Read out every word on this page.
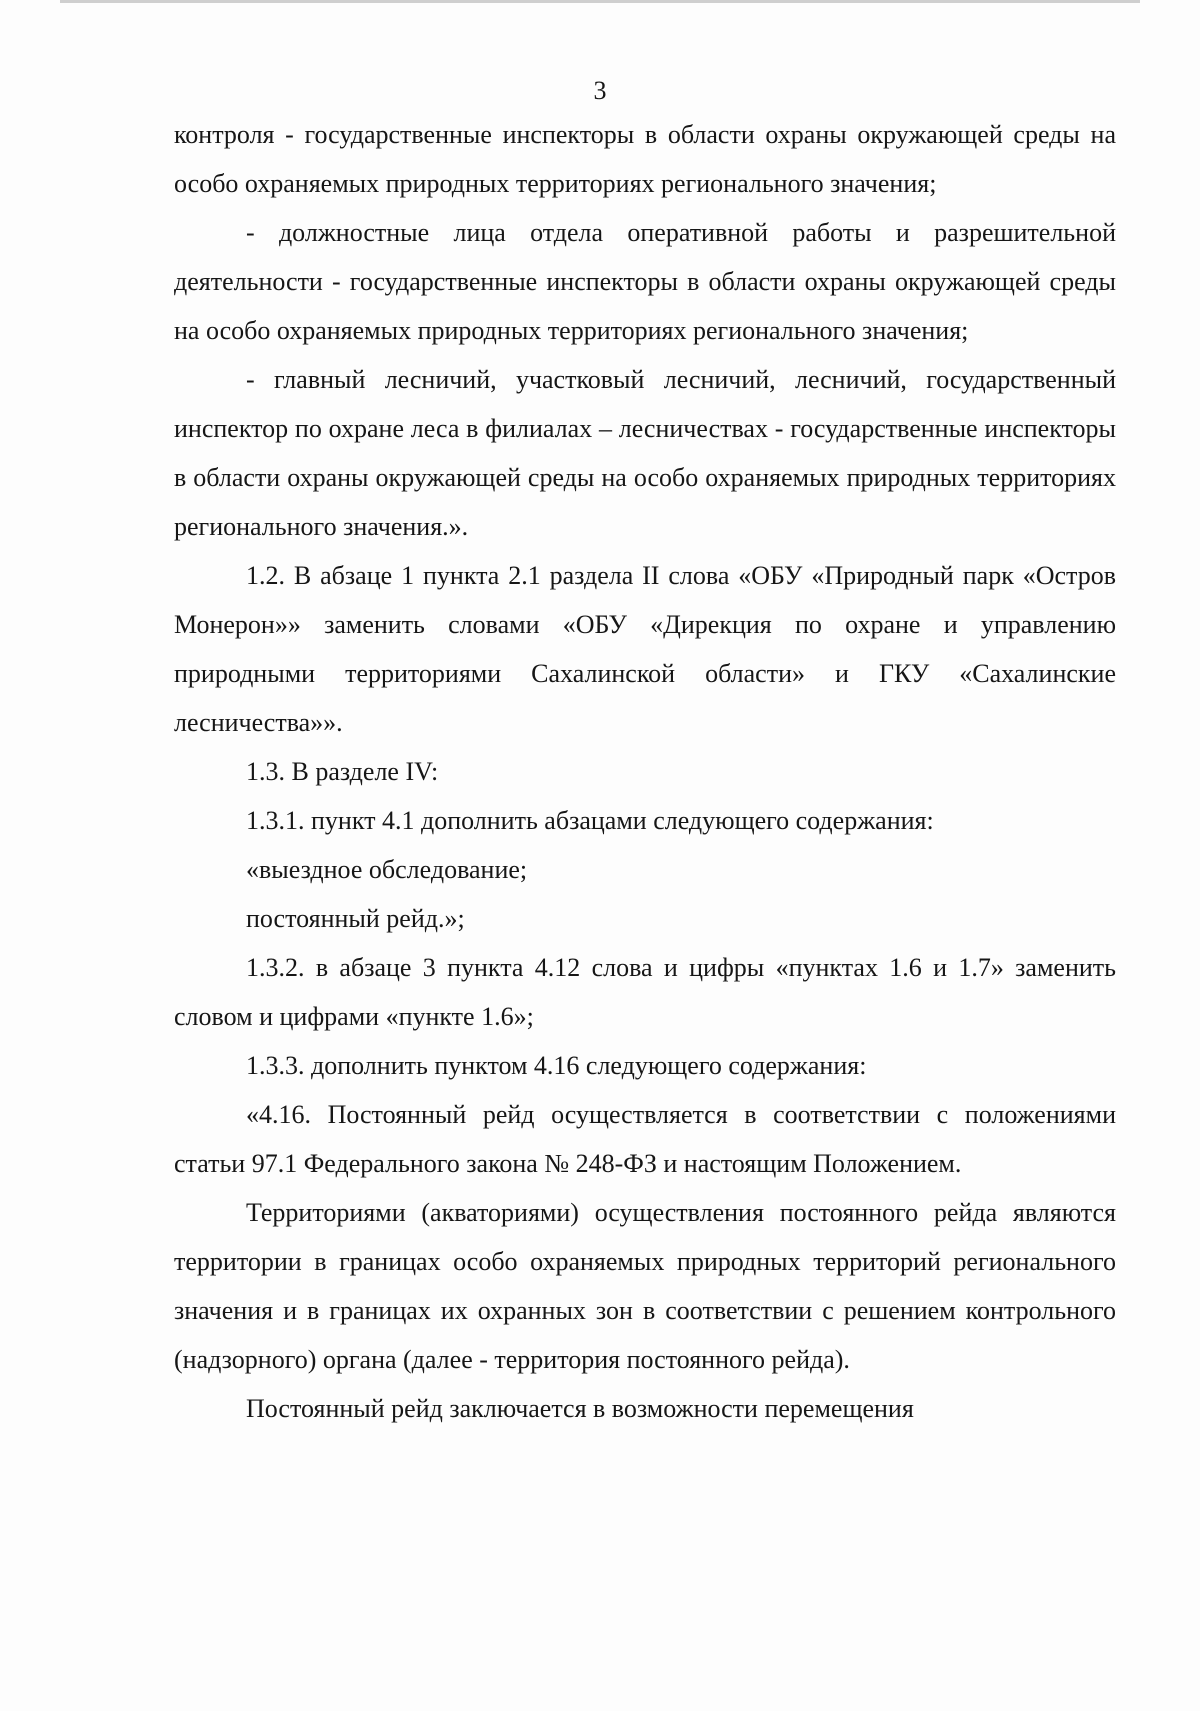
3

контроля - государственные инспекторы в области охраны окружающей среды на особо охраняемых природных территориях регионального значения;

- должностные лица отдела оперативной работы и разрешительной деятельности - государственные инспекторы в области охраны окружающей среды на особо охраняемых природных территориях регионального значения;

- главный лесничий, участковый лесничий, лесничий, государственный инспектор по охране леса в филиалах – лесничествах - государственные инспекторы в области охраны окружающей среды на особо охраняемых природных территориях регионального значения.».

1.2. В абзаце 1 пункта 2.1 раздела II слова «ОБУ «Природный парк «Остров Монерон»» заменить словами «ОБУ «Дирекция по охране и управлению природными территориями Сахалинской области» и ГКУ «Сахалинские лесничества»».

1.3. В разделе IV:

1.3.1. пункт 4.1 дополнить абзацами следующего содержания:

«выездное обследование;

постоянный рейд.»;

1.3.2. в абзаце 3 пункта 4.12 слова и цифры «пунктах 1.6 и 1.7» заменить словом и цифрами «пункте 1.6»;

1.3.3. дополнить пунктом 4.16 следующего содержания:

«4.16. Постоянный рейд осуществляется в соответствии с положениями статьи 97.1 Федерального закона № 248-ФЗ и настоящим Положением.

Территориями (акваториями) осуществления постоянного рейда являются территории в границах особо охраняемых природных территорий регионального значения и в границах их охранных зон в соответствии с решением контрольного (надзорного) органа (далее - территория постоянного рейда).

Постоянный рейд заключается в возможности перемещения
